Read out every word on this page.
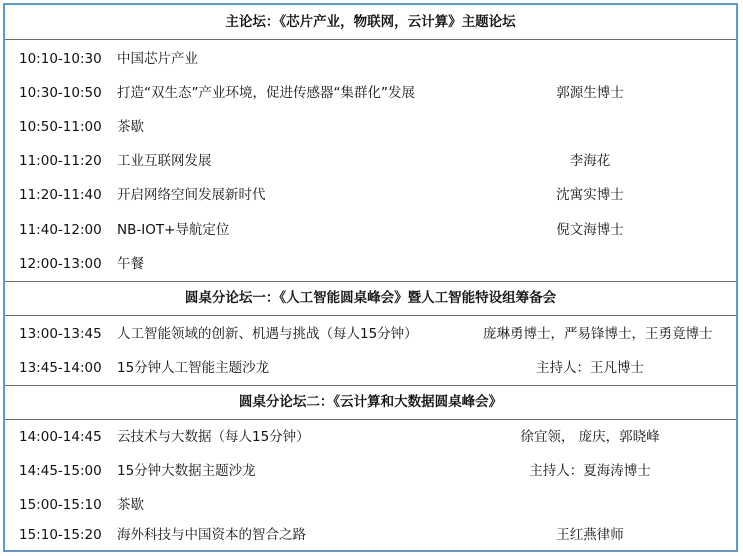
主论坛：《芯片产业，物联网，云计算》主题论坛
10:10-10:30 中国芯片产业
10:30-10:50 打造“双生态”产业环境，促进传感器“集群化”发展	郭源生博士
10:50-11:00 茶歇
11:00-11:20 工业互联网发展	李海花
11:20-11:40 开启网络空间发展新时代	沈寓实博士
11:40-12:00 NB-IOT+导航定位	倪文海博士
12:00-13:00 午餐
圆桌分论坛一：《人工智能圆桌峰会》暨人工智能特设组筹备会
13:00-13:45 人工智能领域的创新、机遇与挑战（每人15分钟）	庞琳勇博士，严易锋博士，王勇竟博士
13:45-14:00 15分钟人工智能主题沙龙	主持人：王凡博士
圆桌分论坛二：《云计算和大数据圆桌峰会》
14:00-14:45 云技术与大数据（每人15分钟）	徐宜领， 庞庆，郭晓峰
14:45-15:00 15分钟大数据主题沙龙	主持人：夏海涛博士
15:00-15:10 茶歇
15:10-15:20 海外科技与中国资本的智合之路	王红燕律师
